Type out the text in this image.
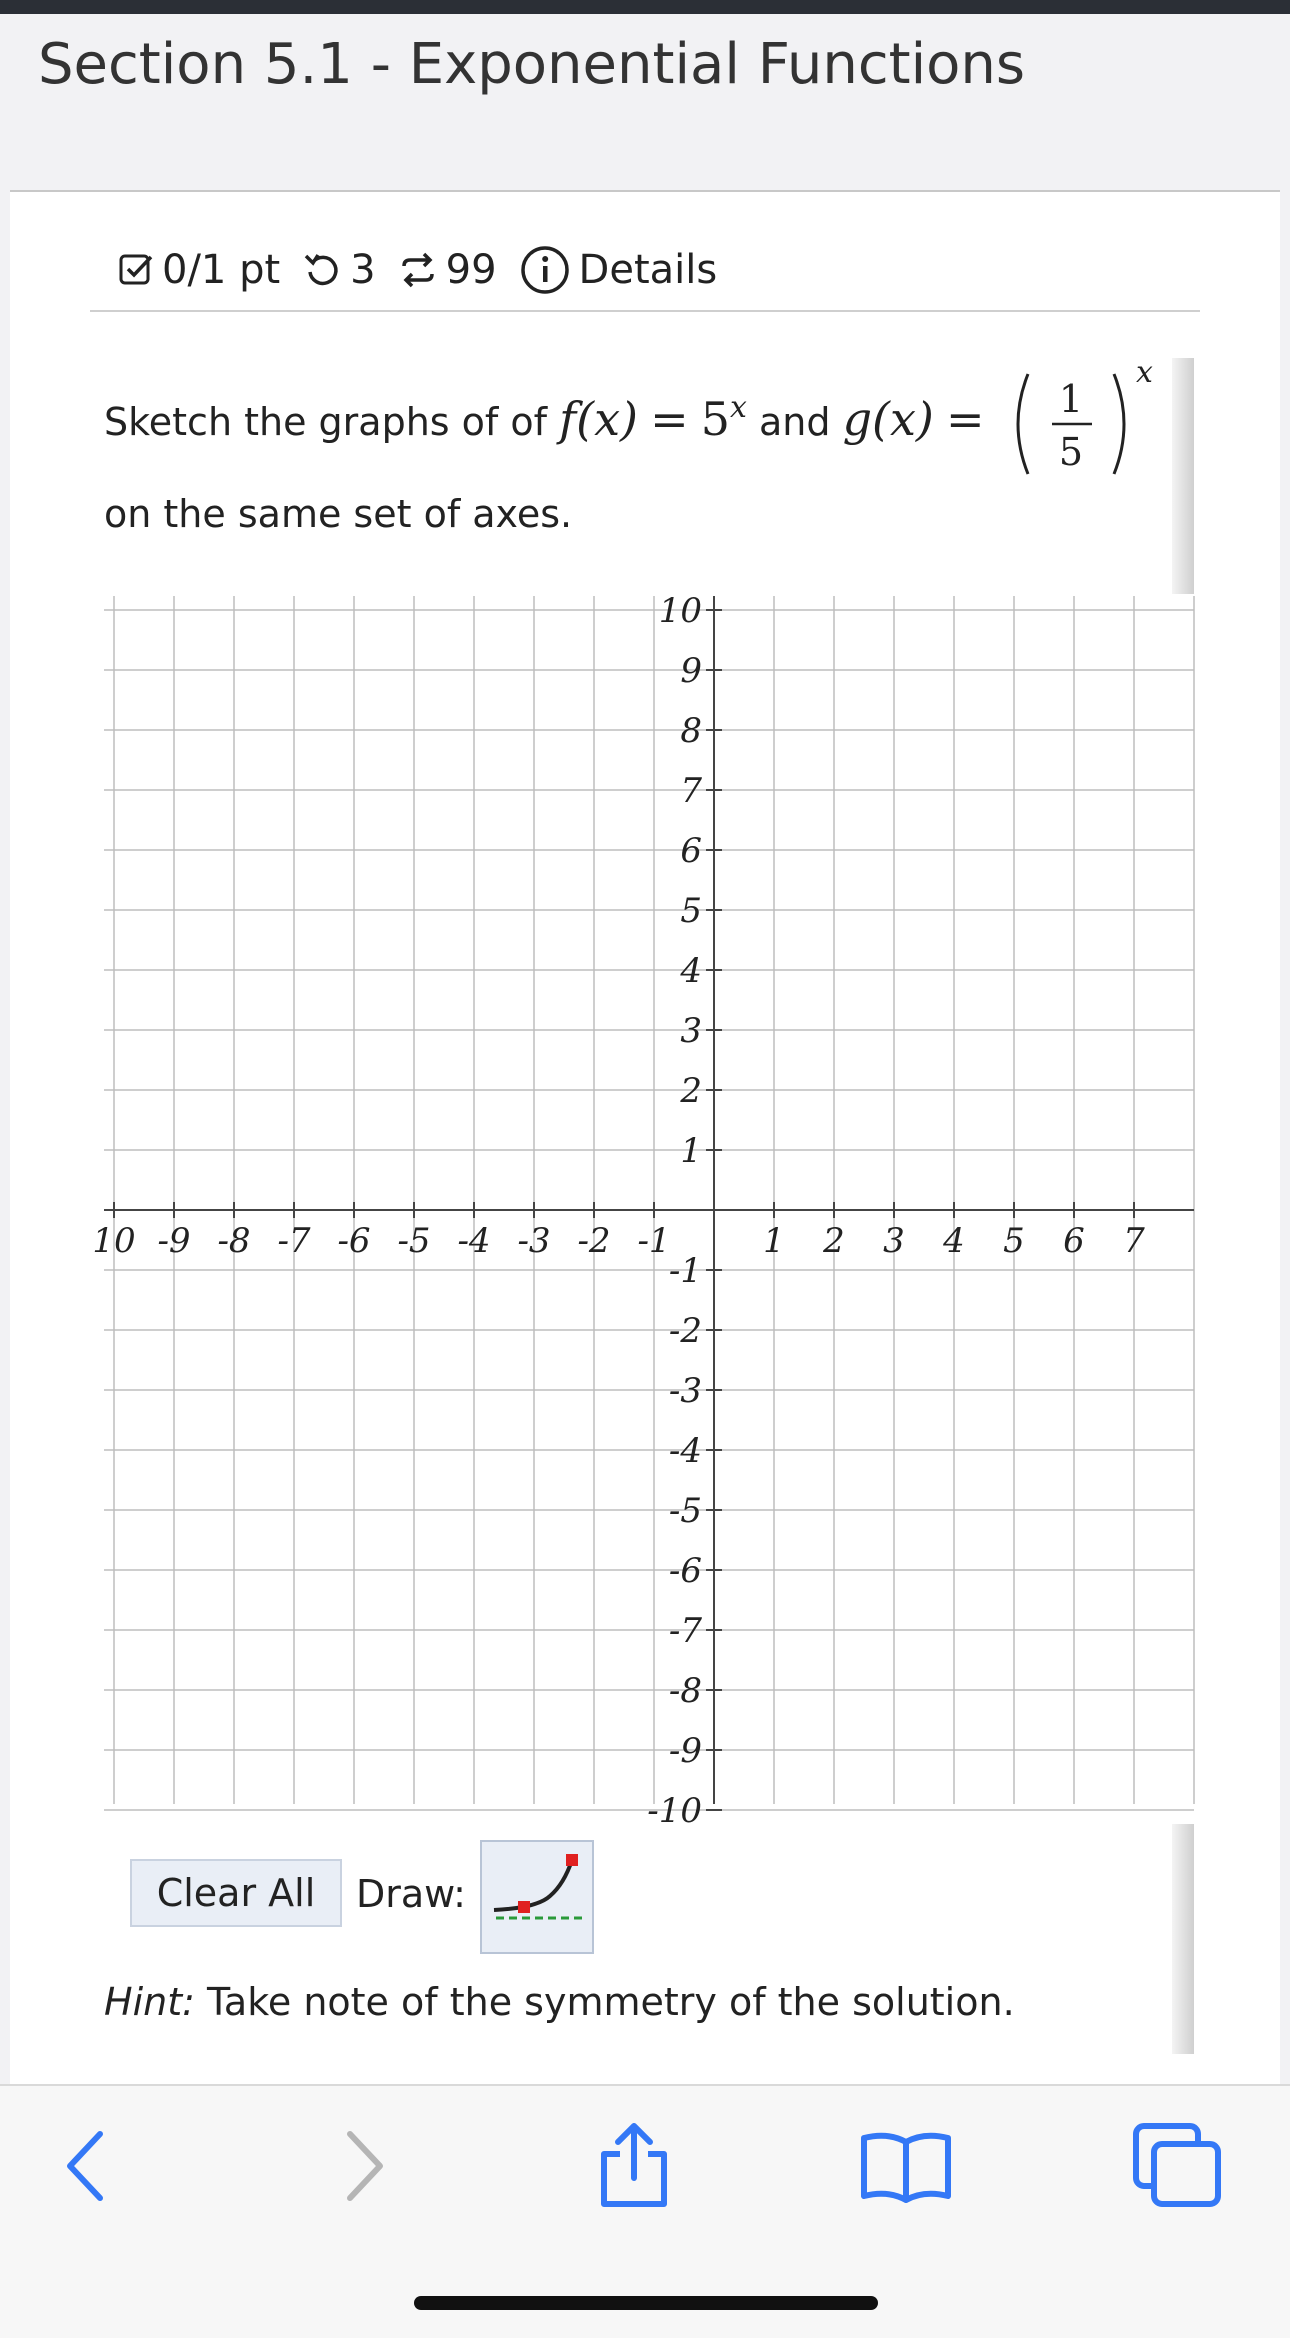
Section 5.1 - Exponential Functions
0/1 pt 3 99 Details
Sketch the graphs of of $f(x) = 5^x$ and g(x) = 1
5
x
on the same set of axes.
10 -9 -8 -7 -6 -5 -4 -3 -2 -1	1 2 3 4 5 6 7
10
9
8
7
6
5
4
3
2
1
-1
-2
-3
-4
-5
-6
-7
-8
-9
-10
Clear All	Draw:
Hint: Take note of the symmetry of the solution.
